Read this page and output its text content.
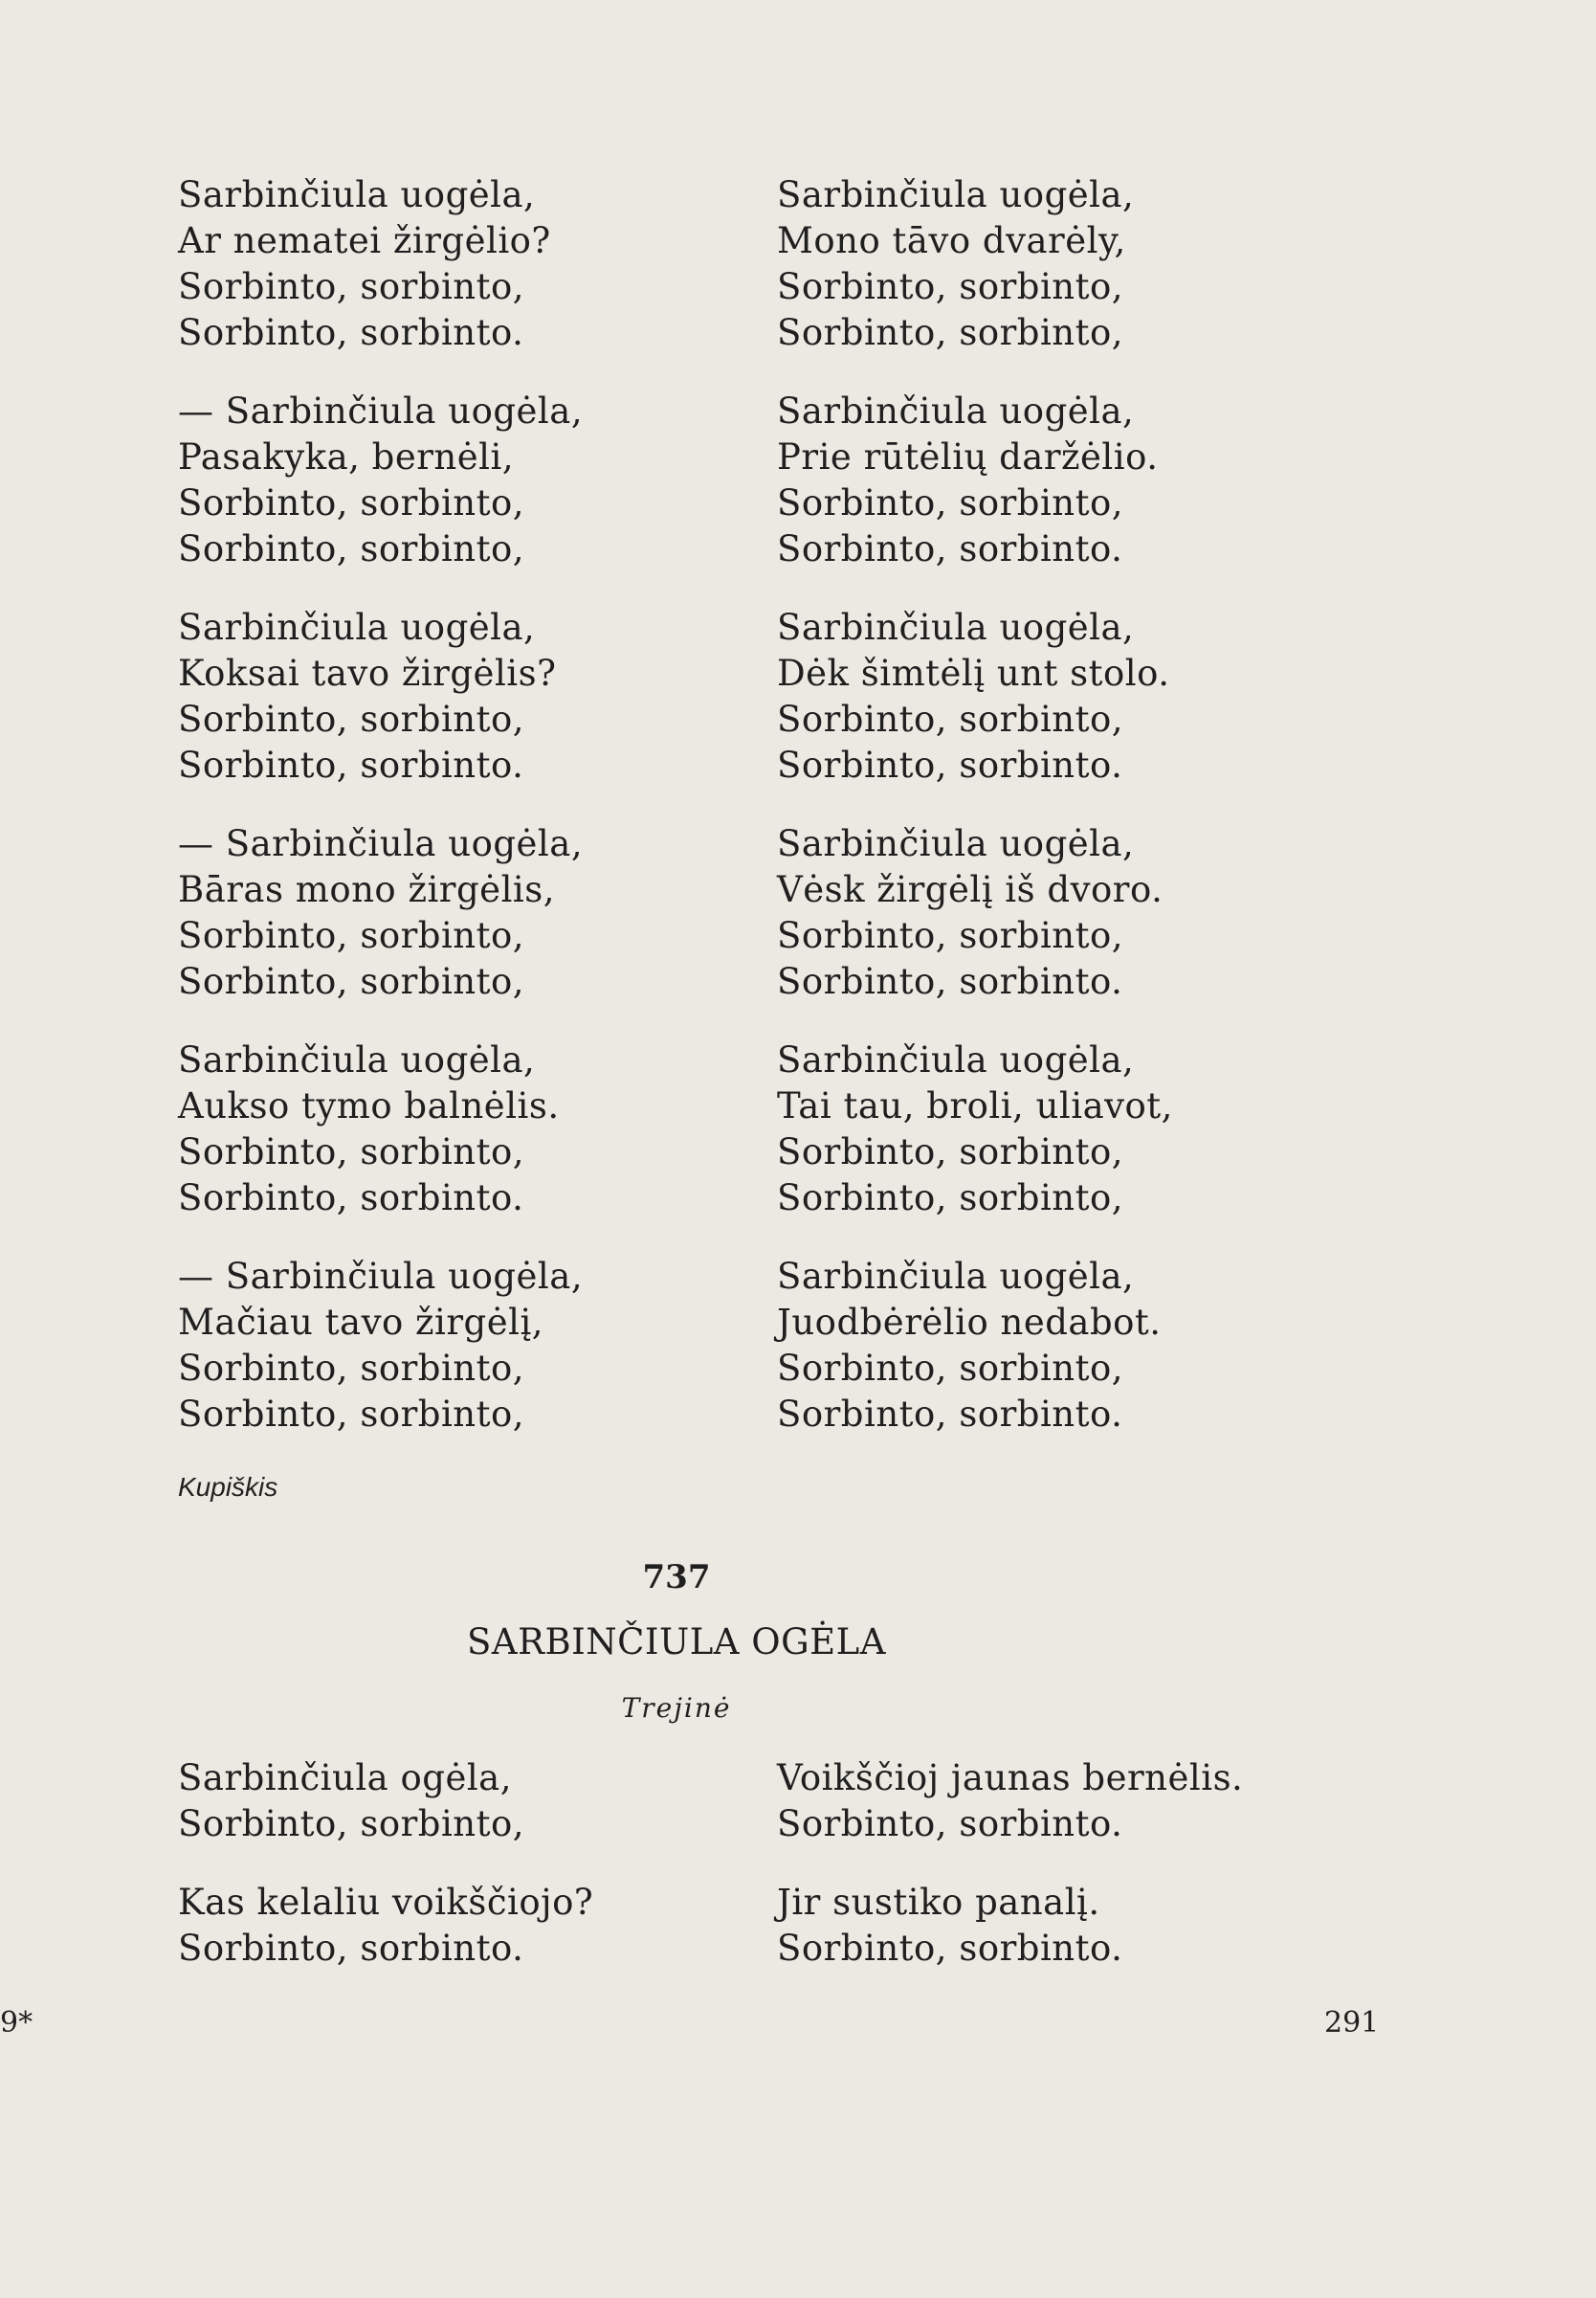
Sarbinčiula uogėla,
Ar nematei žirgėlio?
Sorbinto, sorbinto,
Sorbinto, sorbinto.
— Sarbinčiula uogėla,
Pasakyka, bernėli,
Sorbinto, sorbinto,
Sorbinto, sorbinto,
Sarbinčiula uogėla,
Koksai tavo žirgėlis?
Sorbinto, sorbinto,
Sorbinto, sorbinto.
— Sarbinčiula uogėla,
Bāras mono žirgėlis,
Sorbinto, sorbinto,
Sorbinto, sorbinto,
Sarbinčiula uogėla,
Aukso tymo balnėlis.
Sorbinto, sorbinto,
Sorbinto, sorbinto.
— Sarbinčiula uogėla,
Mačiau tavo žirgėlį,
Sorbinto, sorbinto,
Sorbinto, sorbinto,
Sarbinčiula uogėla,
Mono tāvo dvarėly,
Sorbinto, sorbinto,
Sorbinto, sorbinto,
Sarbinčiula uogėla,
Prie rūtėlių daržėlio.
Sorbinto, sorbinto,
Sorbinto, sorbinto.
Sarbinčiula uogėla,
Dėk šimtėlį unt stolo.
Sorbinto, sorbinto,
Sorbinto, sorbinto.
Sarbinčiula uogėla,
Vėsk žirgėlį iš dvoro.
Sorbinto, sorbinto,
Sorbinto, sorbinto.
Sarbinčiula uogėla,
Tai tau, broli, uliavot,
Sorbinto, sorbinto,
Sorbinto, sorbinto,
Sarbinčiula uogėla,
Juodbėrėlio nedabot.
Sorbinto, sorbinto,
Sorbinto, sorbinto.
Kupiškis
737
SARBINČIULA OGĖLA
Trejinė
Sarbinčiula ogėla,
Sorbinto, sorbinto,
Kas kelaliu voikščiojo?
Sorbinto, sorbinto.
Voikščioj jaunas bernėlis.
Sorbinto, sorbinto.
Jir sustiko panalį.
Sorbinto, sorbinto.
9*	291
